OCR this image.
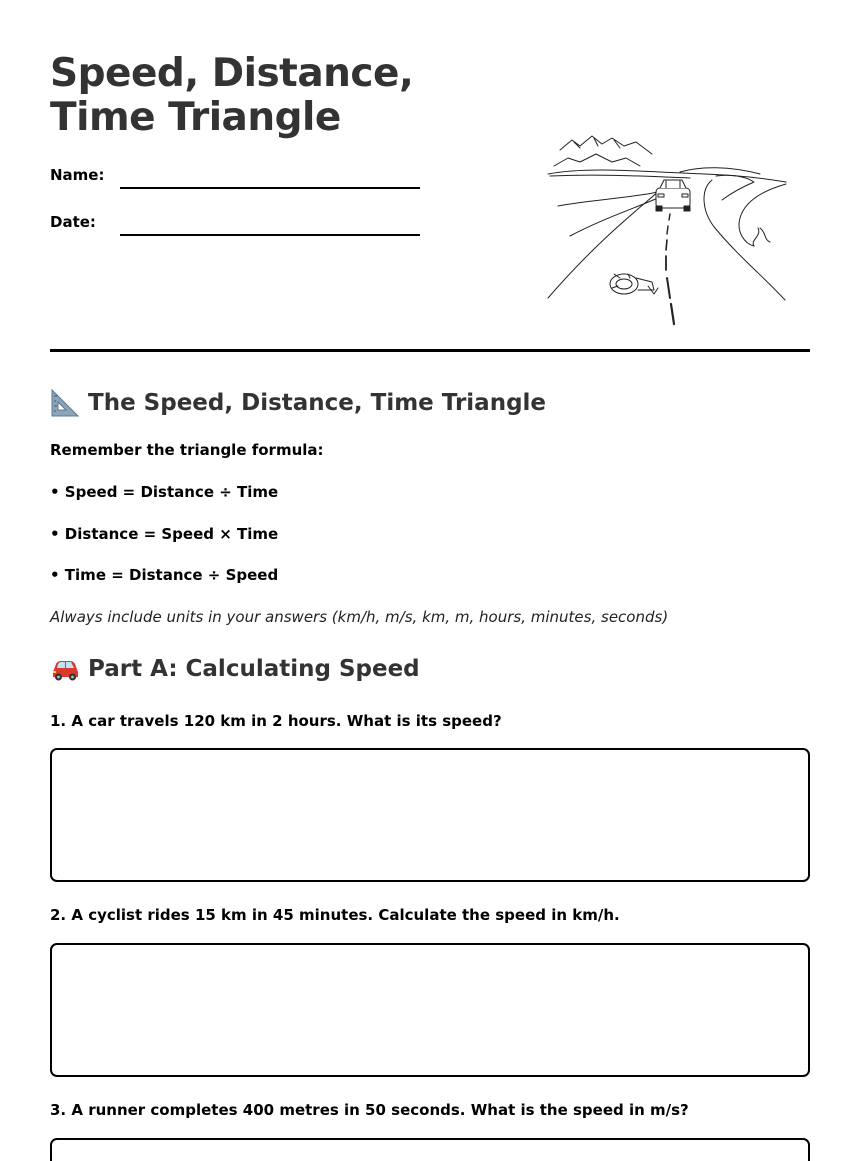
Speed, Distance, Time Triangle
Name:
Date:
The Speed, Distance, Time Triangle

Remember the triangle formula:

• Speed = Distance ÷ Time

• Distance = Speed × Time

• Time = Distance ÷ Speed

Always include units in your answers (km/h, m/s, km, m, hours, minutes, seconds)

Part A: Calculating Speed

1. A car travels 120 km in 2 hours. What is its speed?

2. A cyclist rides 15 km in 45 minutes. Calculate the speed in km/h.

3. A runner completes 400 metres in 50 seconds. What is the speed in m/s?
